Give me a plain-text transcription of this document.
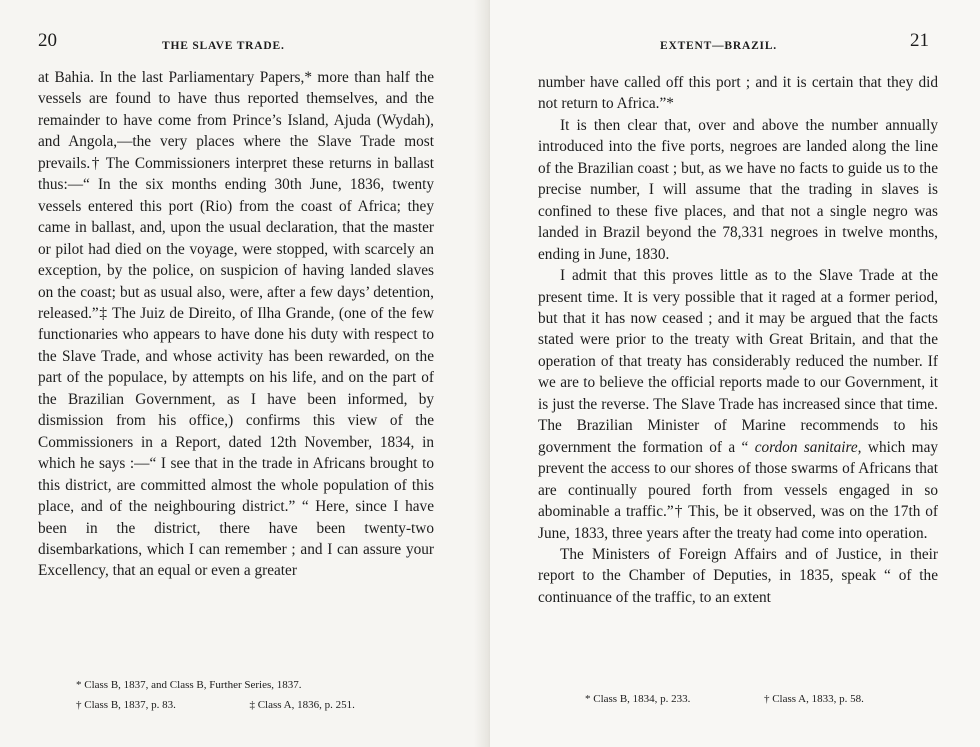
20	THE SLAVE TRADE.

at Bahia. In the last Parliamentary Papers,* more than half the vessels are found to have thus reported themselves, and the remainder to have come from Prince’s Island, Ajuda (Wydah), and Angola,—the very places where the Slave Trade most prevails.† The Commissioners interpret these returns in ballast thus:—“ In the six months ending 30th June, 1836, twenty vessels entered this port (Rio) from the coast of Africa; they came in ballast, and, upon the usual declaration, that the master or pilot had died on the voyage, were stopped, with scarcely an exception, by the police, on suspicion of having landed slaves on the coast; but as usual also, were, after a few days’ detention, released.”‡ The Juiz de Direito, of Ilha Grande, (one of the few functionaries who appears to have done his duty with respect to the Slave Trade, and whose activity has been rewarded, on the part of the populace, by attempts on his life, and on the part of the Brazilian Government, as I have been informed, by dismission from his office,) confirms this view of the Commissioners in a Report, dated 12th November, 1834, in which he says :—“ I see that in the trade in Africans brought to this district, are committed almost the whole population of this place, and of the neighbouring district.” “ Here, since I have been in the district, there have been twenty-two disembarkations, which I can remember ; and I can assure your Excellency, that an equal or even a greater

* Class B, 1837, and Class B, Further Series, 1837.
† Class B, 1837, p. 83.	‡ Class A, 1836, p. 251.
EXTENT—BRAZIL.	21

number have called off this port ; and it is certain that they did not return to Africa.”*

It is then clear that, over and above the number annually introduced into the five ports, negroes are landed along the line of the Brazilian coast ; but, as we have no facts to guide us to the precise number, I will assume that the trading in slaves is confined to these five places, and that not a single negro was landed in Brazil beyond the 78,331 negroes in twelve months, ending in June, 1830.

I admit that this proves little as to the Slave Trade at the present time. It is very possible that it raged at a former period, but that it has now ceased ; and it may be argued that the facts stated were prior to the treaty with Great Britain, and that the operation of that treaty has considerably reduced the number. If we are to believe the official reports made to our Government, it is just the reverse. The Slave Trade has increased since that time. The Brazilian Minister of Marine recommends to his government the formation of a “ cordon sanitaire, which may prevent the access to our shores of those swarms of Africans that are continually poured forth from vessels engaged in so abominable a traffic.”† This, be it observed, was on the 17th of June, 1833, three years after the treaty had come into operation.

The Ministers of Foreign Affairs and of Justice, in their report to the Chamber of Deputies, in 1835, speak “ of the continuance of the traffic, to an extent

* Class B, 1834, p. 233.	† Class A, 1833, p. 58.
